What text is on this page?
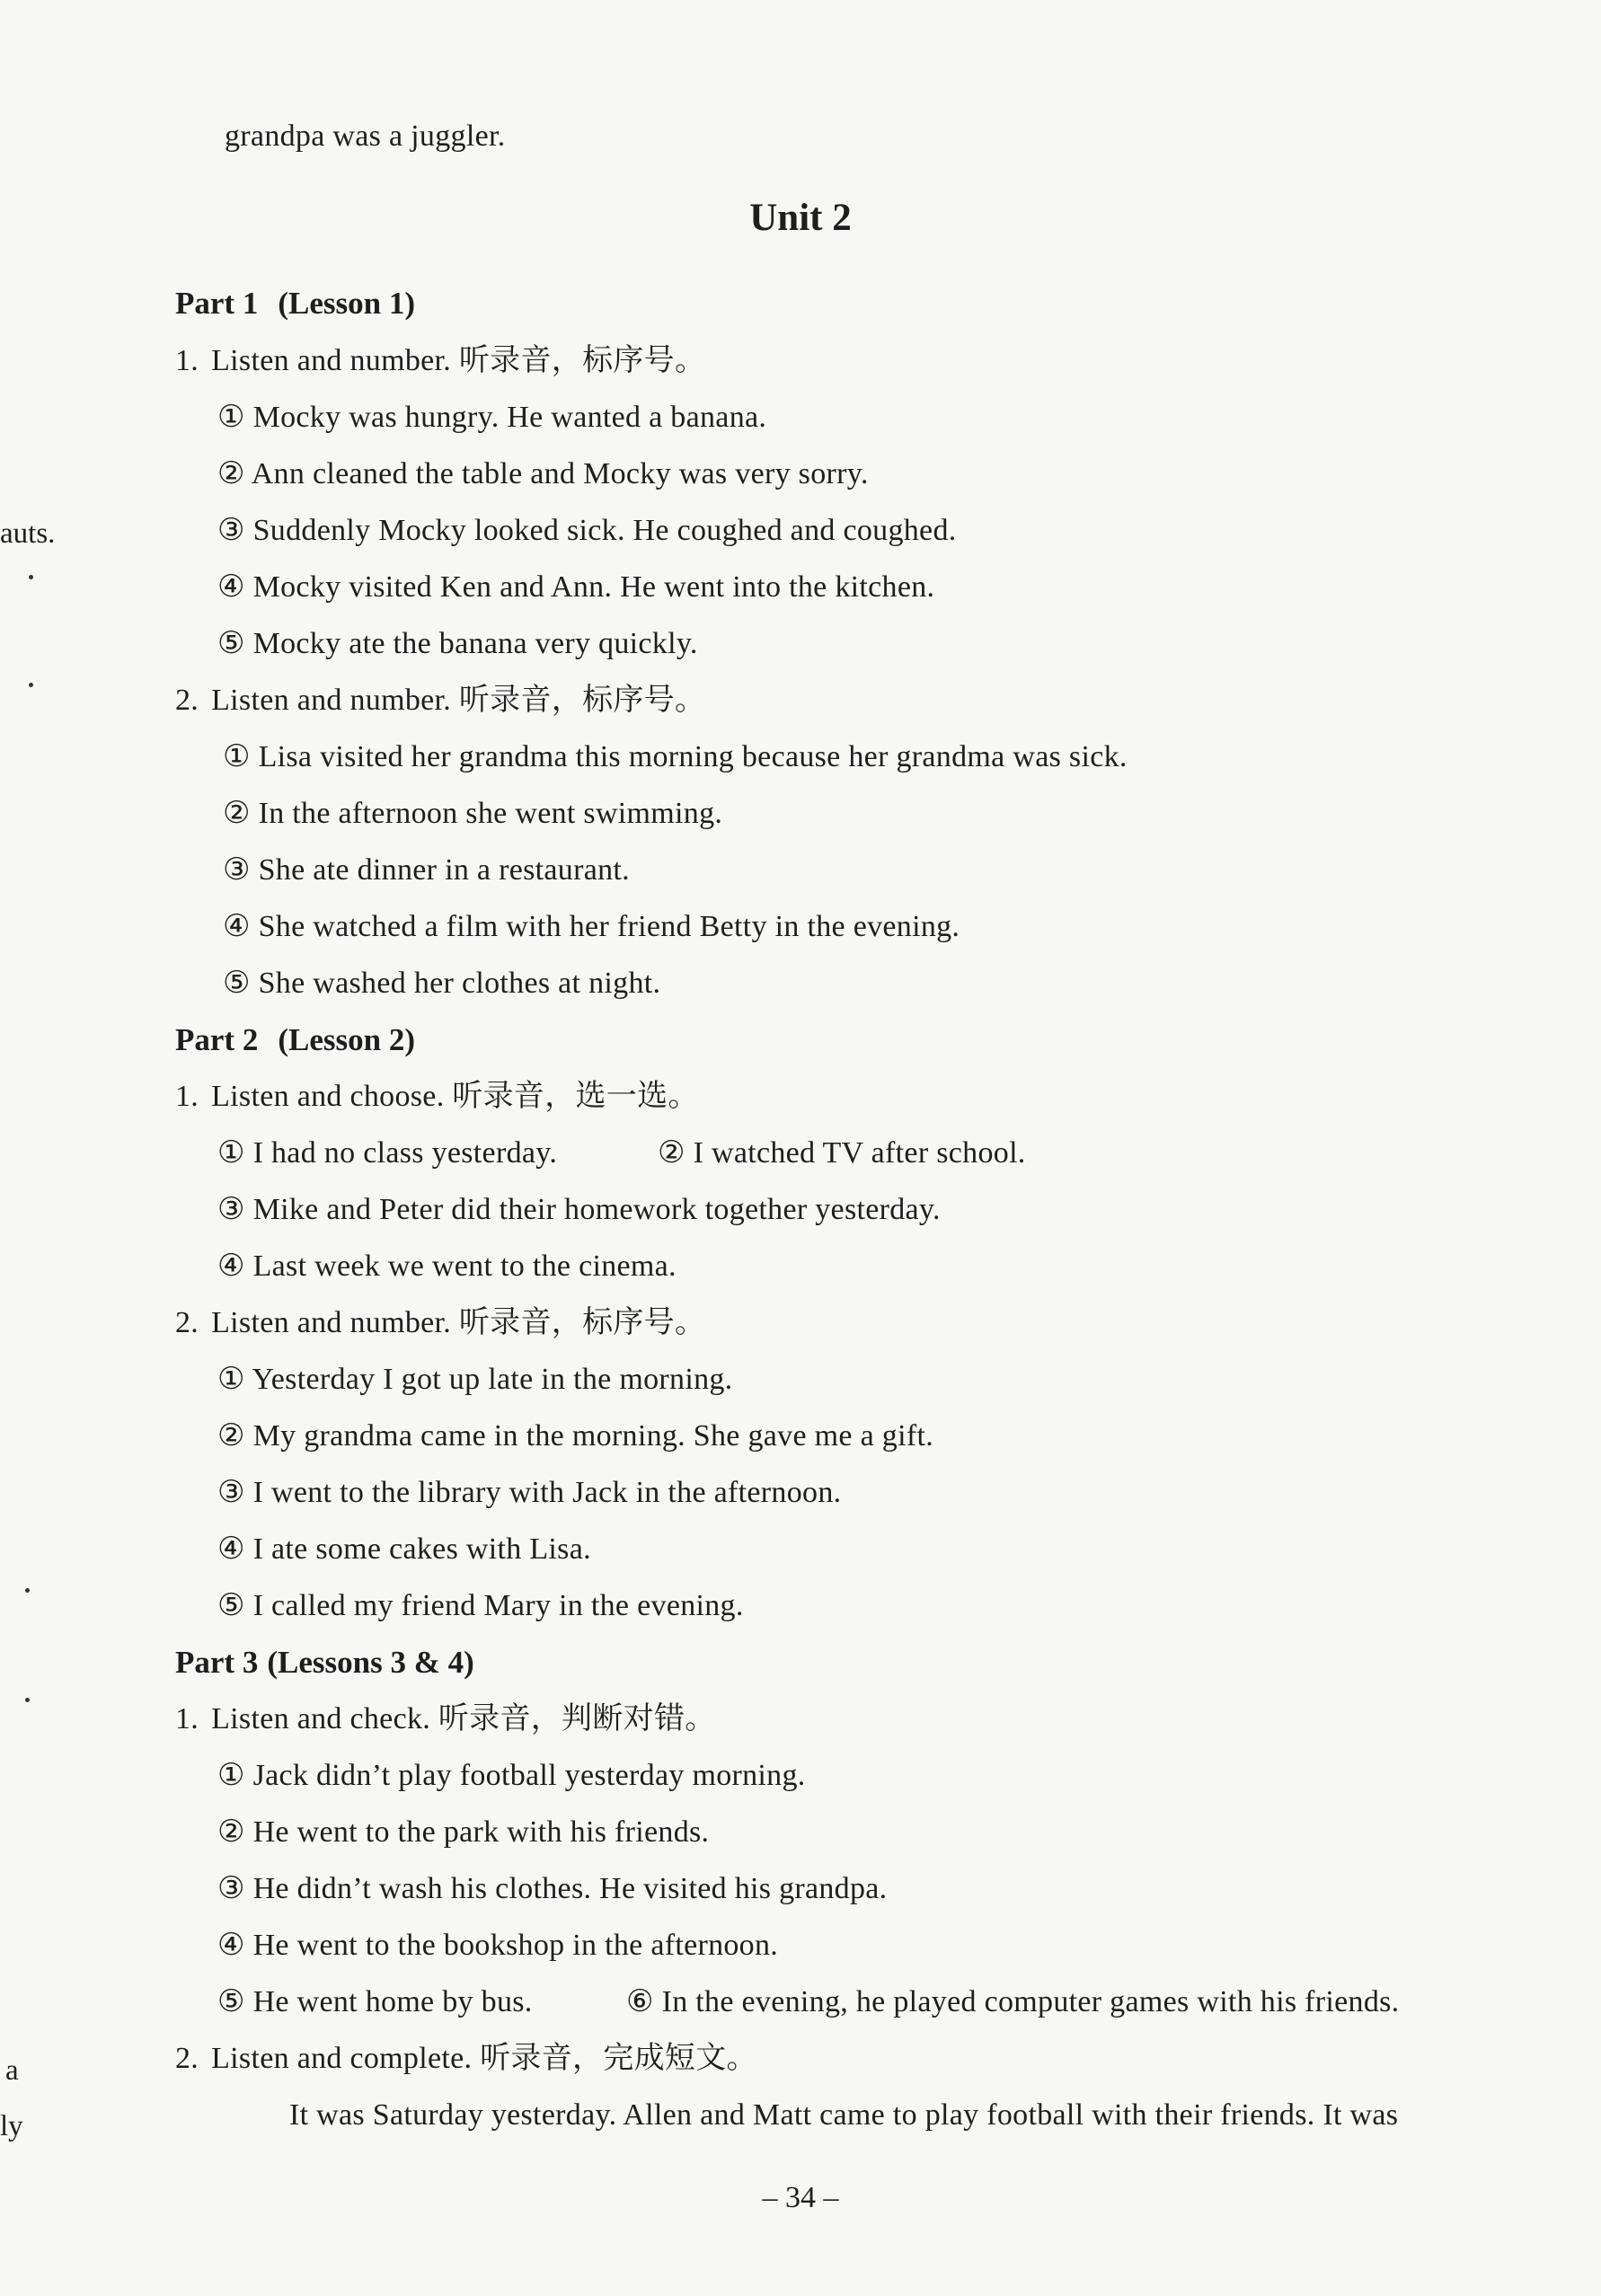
grandpa was a juggler.
Unit 2
auts.
a
ly
Part 1 (Lesson 1)
1. Listen and number. 听录音，标序号。
① Mocky was hungry. He wanted a banana.
② Ann cleaned the table and Mocky was very sorry.
③ Suddenly Mocky looked sick. He coughed and coughed.
④ Mocky visited Ken and Ann. He went into the kitchen.
⑤ Mocky ate the banana very quickly.
2. Listen and number. 听录音，标序号。
① Lisa visited her grandma this morning because her grandma was sick.
② In the afternoon she went swimming.
③ She ate dinner in a restaurant.
④ She watched a film with her friend Betty in the evening.
⑤ She washed her clothes at night.
Part 2 (Lesson 2)
1. Listen and choose. 听录音，选一选。
① I had no class yesterday.	② I watched TV after school.
③ Mike and Peter did their homework together yesterday.
④ Last week we went to the cinema.
2. Listen and number. 听录音，标序号。
① Yesterday I got up late in the morning.
② My grandma came in the morning. She gave me a gift.
③ I went to the library with Jack in the afternoon.
④ I ate some cakes with Lisa.
⑤ I called my friend Mary in the evening.
Part 3 (Lessons 3 & 4)
1. Listen and check. 听录音，判断对错。
① Jack didn’t play football yesterday morning.
② He went to the park with his friends.
③ He didn’t wash his clothes. He visited his grandpa.
④ He went to the bookshop in the afternoon.
⑤ He went home by bus.	⑥ In the evening, he played computer games with his friends.
2. Listen and complete. 听录音，完成短文。
It was Saturday yesterday. Allen and Matt came to play football with their friends. It was
– 34 –
